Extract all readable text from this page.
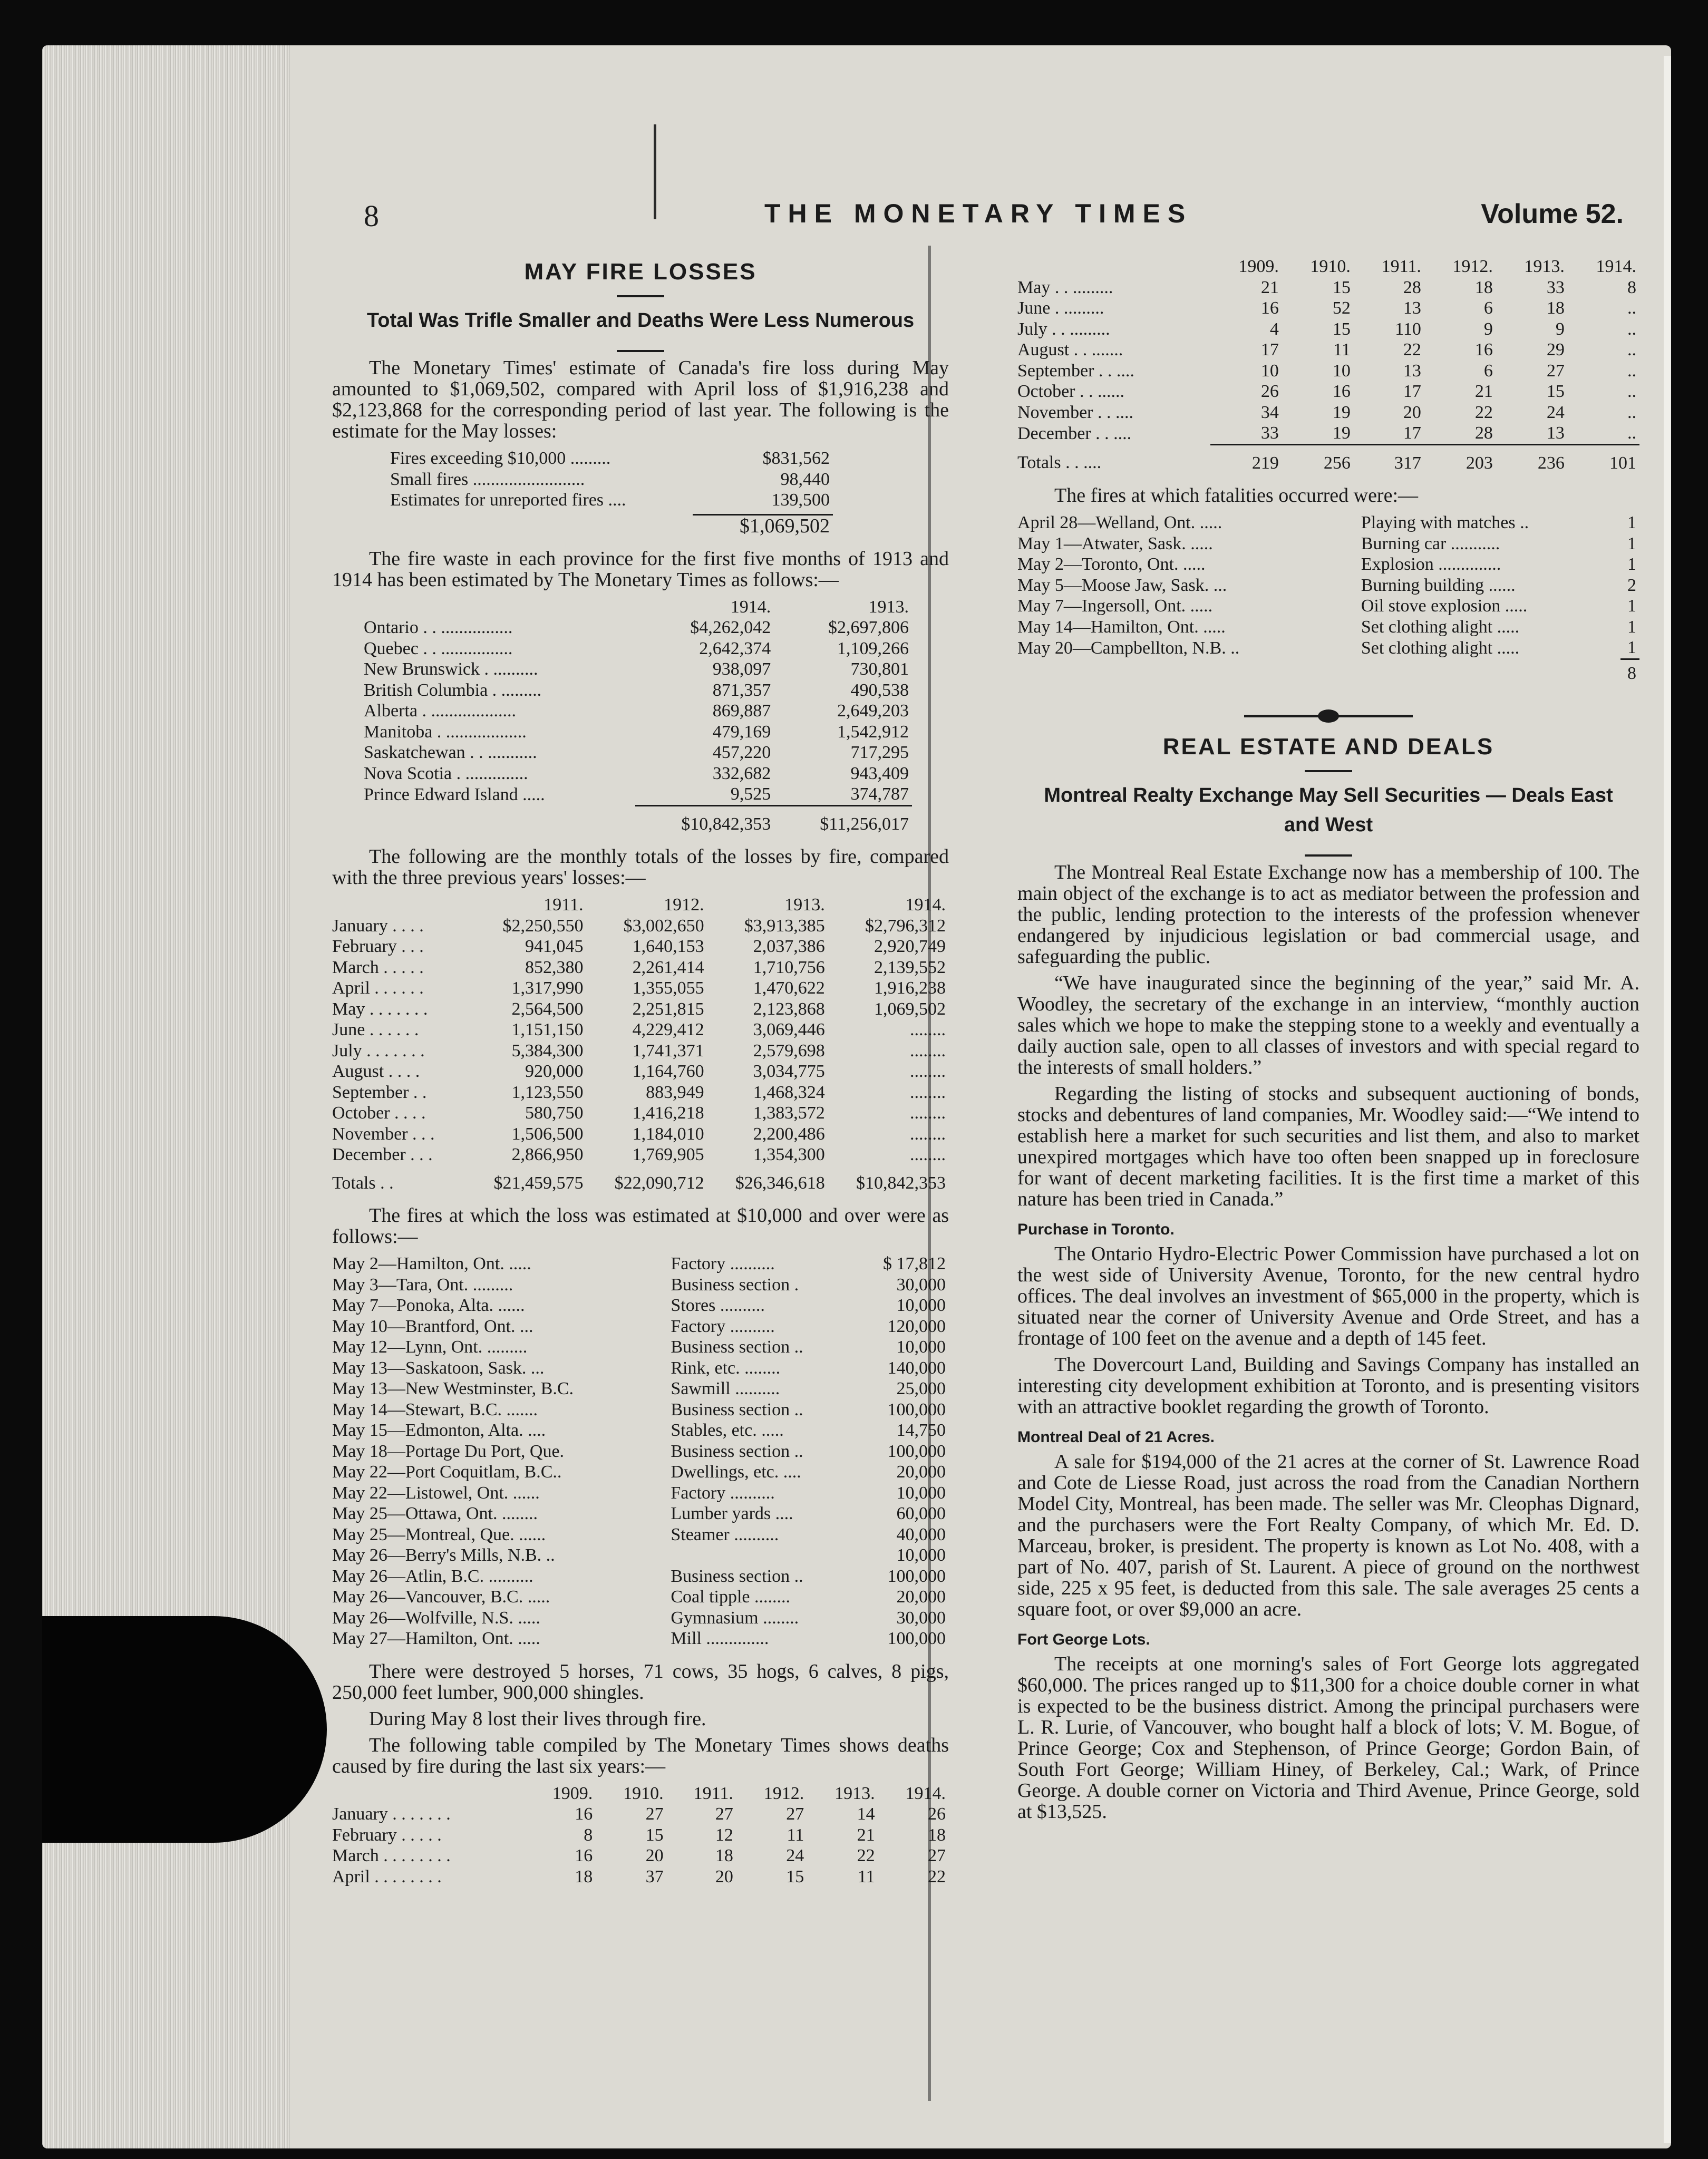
8	THE MONETARY TIMES	Volume 52.
MAY FIRE LOSSES
Total Was Trifle Smaller and Deaths Were Less Numerous

The Monetary Times' estimate of Canada's fire loss during May amounted to $1,069,502, compared with April loss of $1,916,238 and $2,123,868 for the corresponding period of last year. The following is the estimate for the May losses:

Fires exceeding $10,000 .........	$831,562
Small fires .........................	98,440
Estimates for unreported fires ....	139,500
$1,069,502

The fire waste in each province for the first five months of 1913 and 1914 has been estimated by The Monetary Times as follows:—

	1914.	1913.
Ontario . . ................	$4,262,042	$2,697,806
Quebec . . ................	2,642,374	1,109,266
New Brunswick . ..........	938,097	730,801
British Columbia . .........	871,357	490,538
Alberta . ...................	869,887	2,649,203
Manitoba . ..................	479,169	1,542,912
Saskatchewan . . ...........	457,220	717,295
Nova Scotia . ..............	332,682	943,409
Prince Edward Island .....	9,525	374,787
	$10,842,353	$11,256,017

The following are the monthly totals of the losses by fire, compared with the three previous years' losses:—

	1911.	1912.	1913.	1914.
January . . . .	$2,250,550	$3,002,650	$3,913,385	$2,796,312
February . . .	941,045	1,640,153	2,037,386	2,920,749
March . . . . .	852,380	2,261,414	1,710,756	2,139,552
April . . . . . .	1,317,990	1,355,055	1,470,622	1,916,238
May . . . . . . .	2,564,500	2,251,815	2,123,868	1,069,502
June . . . . . .	1,151,150	4,229,412	3,069,446	........
July . . . . . . .	5,384,300	1,741,371	2,579,698	........
August . . . .	920,000	1,164,760	3,034,775	........
September . .	1,123,550	883,949	1,468,324	........
October . . . .	580,750	1,416,218	1,383,572	........
November . . .	1,506,500	1,184,010	2,200,486	........
December . . .	2,866,950	1,769,905	1,354,300	........
Totals . .	$21,459,575	$22,090,712	$26,346,618	$10,842,353

The fires at which the loss was estimated at $10,000 and over were as follows:—

May 2—Hamilton, Ont. .....	Factory ..........	$ 17,812
May 3—Tara, Ont. .........	Business section .	30,000
May 7—Ponoka, Alta. ......	Stores ..........	10,000
May 10—Brantford, Ont. ...	Factory ..........	120,000
May 12—Lynn, Ont. .........	Business section ..	10,000
May 13—Saskatoon, Sask. ...	Rink, etc. ........	140,000
May 13—New Westminster, B.C.	Sawmill ..........	25,000
May 14—Stewart, B.C. .......	Business section ..	100,000
May 15—Edmonton, Alta. ....	Stables, etc. .....	14,750
May 18—Portage Du Port, Que.	Business section ..	100,000
May 22—Port Coquitlam, B.C..	Dwellings, etc. ....	20,000
May 22—Listowel, Ont. ......	Factory ..........	10,000
May 25—Ottawa, Ont. ........	Lumber yards ....	60,000
May 25—Montreal, Que. ......	Steamer ..........	40,000
May 26—Berry's Mills, N.B. ..		10,000
May 26—Atlin, B.C. ..........	Business section ..	100,000
May 26—Vancouver, B.C. .....	Coal tipple ........	20,000
May 26—Wolfville, N.S. .....	Gymnasium ........	30,000
May 27—Hamilton, Ont. .....	Mill ..............	100,000

There were destroyed 5 horses, 71 cows, 35 hogs, 6 calves, 8 pigs, 250,000 feet lumber, 900,000 shingles.

During May 8 lost their lives through fire.

The following table compiled by The Monetary Times shows deaths caused by fire during the last six years:—

	1909.	1910.	1911.	1912.	1913.	1914.
January . . . . . . .	16	27	27	27	14	26
February . . . . .	8	15	12	11	21	18
March . . . . . . . .	16	20	18	24	22	27
April . . . . . . . .	18	37	20	15	11	22
	1909.	1910.	1911.	1912.	1913.	1914.
May . . .........	21	15	28	18	33	8
June . .........	16	52	13	6	18	..
July . . .........	4	15	110	9	9	..
August . . .......	17	11	22	16	29	..
September . . ....	10	10	13	6	27	..
October . . ......	26	16	17	21	15	..
November . . ....	34	19	20	22	24	..
December . . ....	33	19	17	28	13	..
Totals . . ....	219	256	317	203	236	101

The fires at which fatalities occurred were:—

April 28—Welland, Ont. .....	Playing with matches ..	1
May 1—Atwater, Sask. .....	Burning car ...........	1
May 2—Toronto, Ont. .....	Explosion ..............	1
May 5—Moose Jaw, Sask. ...	Burning building ......	2
May 7—Ingersoll, Ont. .....	Oil stove explosion .....	1
May 14—Hamilton, Ont. .....	Set clothing alight .....	1
May 20—Campbellton, N.B. ..	Set clothing alight .....	1
		8
REAL ESTATE AND DEALS
Montreal Realty Exchange May Sell Securities — Deals East and West

The Montreal Real Estate Exchange now has a membership of 100. The main object of the exchange is to act as mediator between the profession and the public, lending protection to the interests of the profession whenever endangered by injudicious legislation or bad commercial usage, and safeguarding the public.

“We have inaugurated since the beginning of the year,” said Mr. A. Woodley, the secretary of the exchange in an interview, “monthly auction sales which we hope to make the stepping stone to a weekly and eventually a daily auction sale, open to all classes of investors and with special regard to the interests of small holders.”

Regarding the listing of stocks and subsequent auctioning of bonds, stocks and debentures of land companies, Mr. Woodley said:—“We intend to establish here a market for such securities and list them, and also to market unexpired mortgages which have too often been snapped up in foreclosure for want of decent marketing facilities. It is the first time a market of this nature has been tried in Canada.”

Purchase in Toronto.

The Ontario Hydro-Electric Power Commission have purchased a lot on the west side of University Avenue, Toronto, for the new central hydro offices. The deal involves an investment of $65,000 in the property, which is situated near the corner of University Avenue and Orde Street, and has a frontage of 100 feet on the avenue and a depth of 145 feet.

The Dovercourt Land, Building and Savings Company has installed an interesting city development exhibition at Toronto, and is presenting visitors with an attractive booklet regarding the growth of Toronto.

Montreal Deal of 21 Acres.

A sale for $194,000 of the 21 acres at the corner of St. Lawrence Road and Cote de Liesse Road, just across the road from the Canadian Northern Model City, Montreal, has been made. The seller was Mr. Cleophas Dignard, and the purchasers were the Fort Realty Company, of which Mr. Ed. D. Marceau, broker, is president. The property is known as Lot No. 408, with a part of No. 407, parish of St. Laurent. A piece of ground on the northwest side, 225 x 95 feet, is deducted from this sale. The sale averages 25 cents a square foot, or over $9,000 an acre.

Fort George Lots.

The receipts at one morning's sales of Fort George lots aggregated $60,000. The prices ranged up to $11,300 for a choice double corner in what is expected to be the business district. Among the principal purchasers were L. R. Lurie, of Vancouver, who bought half a block of lots; V. M. Bogue, of Prince George; Cox and Stephenson, of Prince George; Gordon Bain, of South Fort George; William Hiney, of Berkeley, Cal.; Wark, of Prince George. A double corner on Victoria and Third Avenue, Prince George, sold at $13,525.
